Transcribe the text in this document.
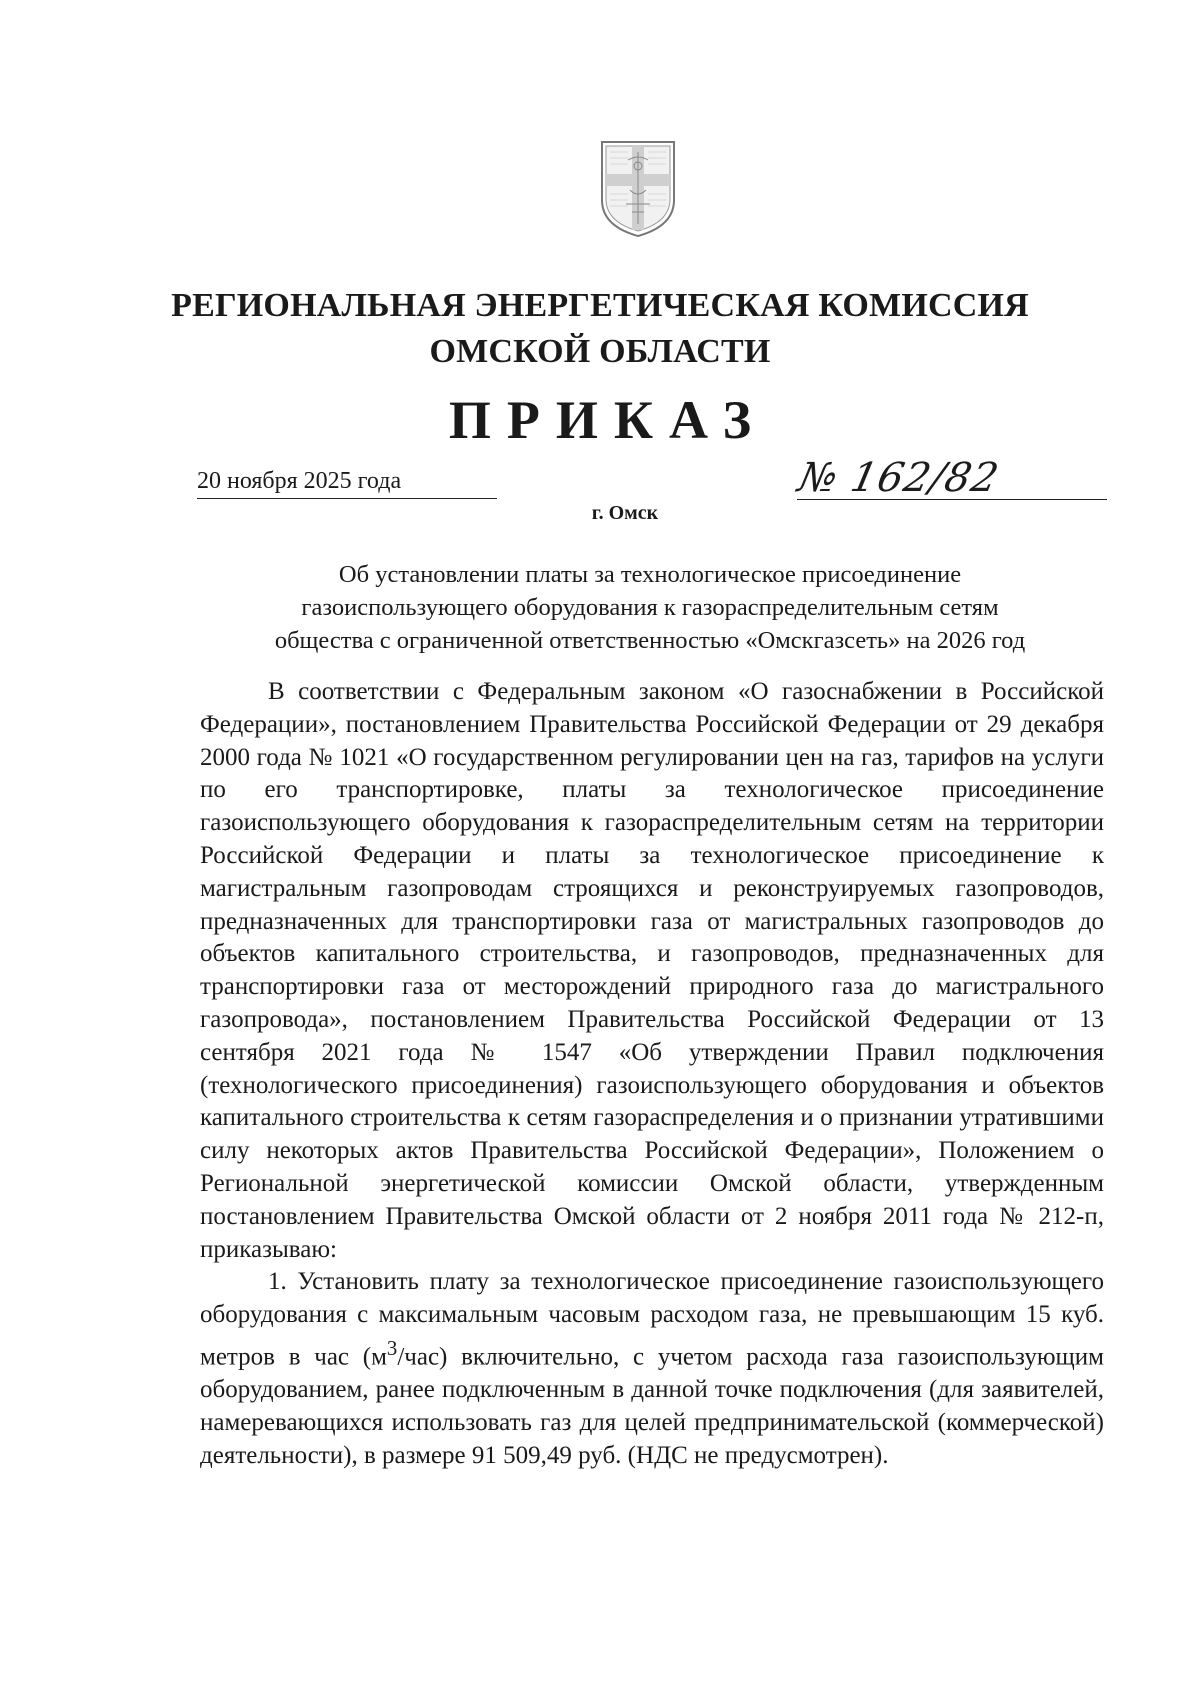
РЕГИОНАЛЬНАЯ ЭНЕРГЕТИЧЕСКАЯ КОМИССИЯ
ОМСКОЙ ОБЛАСТИ
ПРИКАЗ
20 ноября 2025 года	№ 162/82
г. Омск
Об установлении платы за технологическое присоединение
газоиспользующего оборудования к газораспределительным сетям
общества с ограниченной ответственностью «Омскгазсеть» на 2026 год

В соответствии с Федеральным законом «О газоснабжении в Российской Федерации», постановлением Правительства Российской Федерации от 29 декабря 2000 года № 1021 «О государственном регулировании цен на газ, тарифов на услуги по его транспортировке, платы за технологическое присоединение газоиспользующего оборудования к газораспределительным сетям на территории Российской Федерации и платы за технологическое присоединение к магистральным газопроводам строящихся и реконструируемых газопроводов, предназначенных для транспортировки газа от магистральных газопроводов до объектов капитального строительства, и газопроводов, предназначенных для транспортировки газа от месторождений природного газа до магистрального газопровода», постановлением Правительства Российской Федерации от 13 сентября 2021 года № 1547 «Об утверждении Правил подключения (технологического присоединения) газоиспользующего оборудования и объектов капитального строительства к сетям газораспределения и о признании утратившими силу некоторых актов Правительства Российской Федерации», Положением о Региональной энергетической комиссии Омской области, утвержденным постановлением Правительства Омской области от 2 ноября 2011 года № 212-п, приказываю:

1. Установить плату за технологическое присоединение газоиспользующего оборудования с максимальным часовым расходом газа, не превышающим 15 куб. метров в час $(м^3/час)$ включительно, с учетом расхода газа газоиспользующим оборудованием, ранее подключенным в данной точке подключения (для заявителей, намеревающихся использовать газ для целей предпринимательской (коммерческой) деятельности), в размере 91 509,49 руб. (НДС не предусмотрен).
